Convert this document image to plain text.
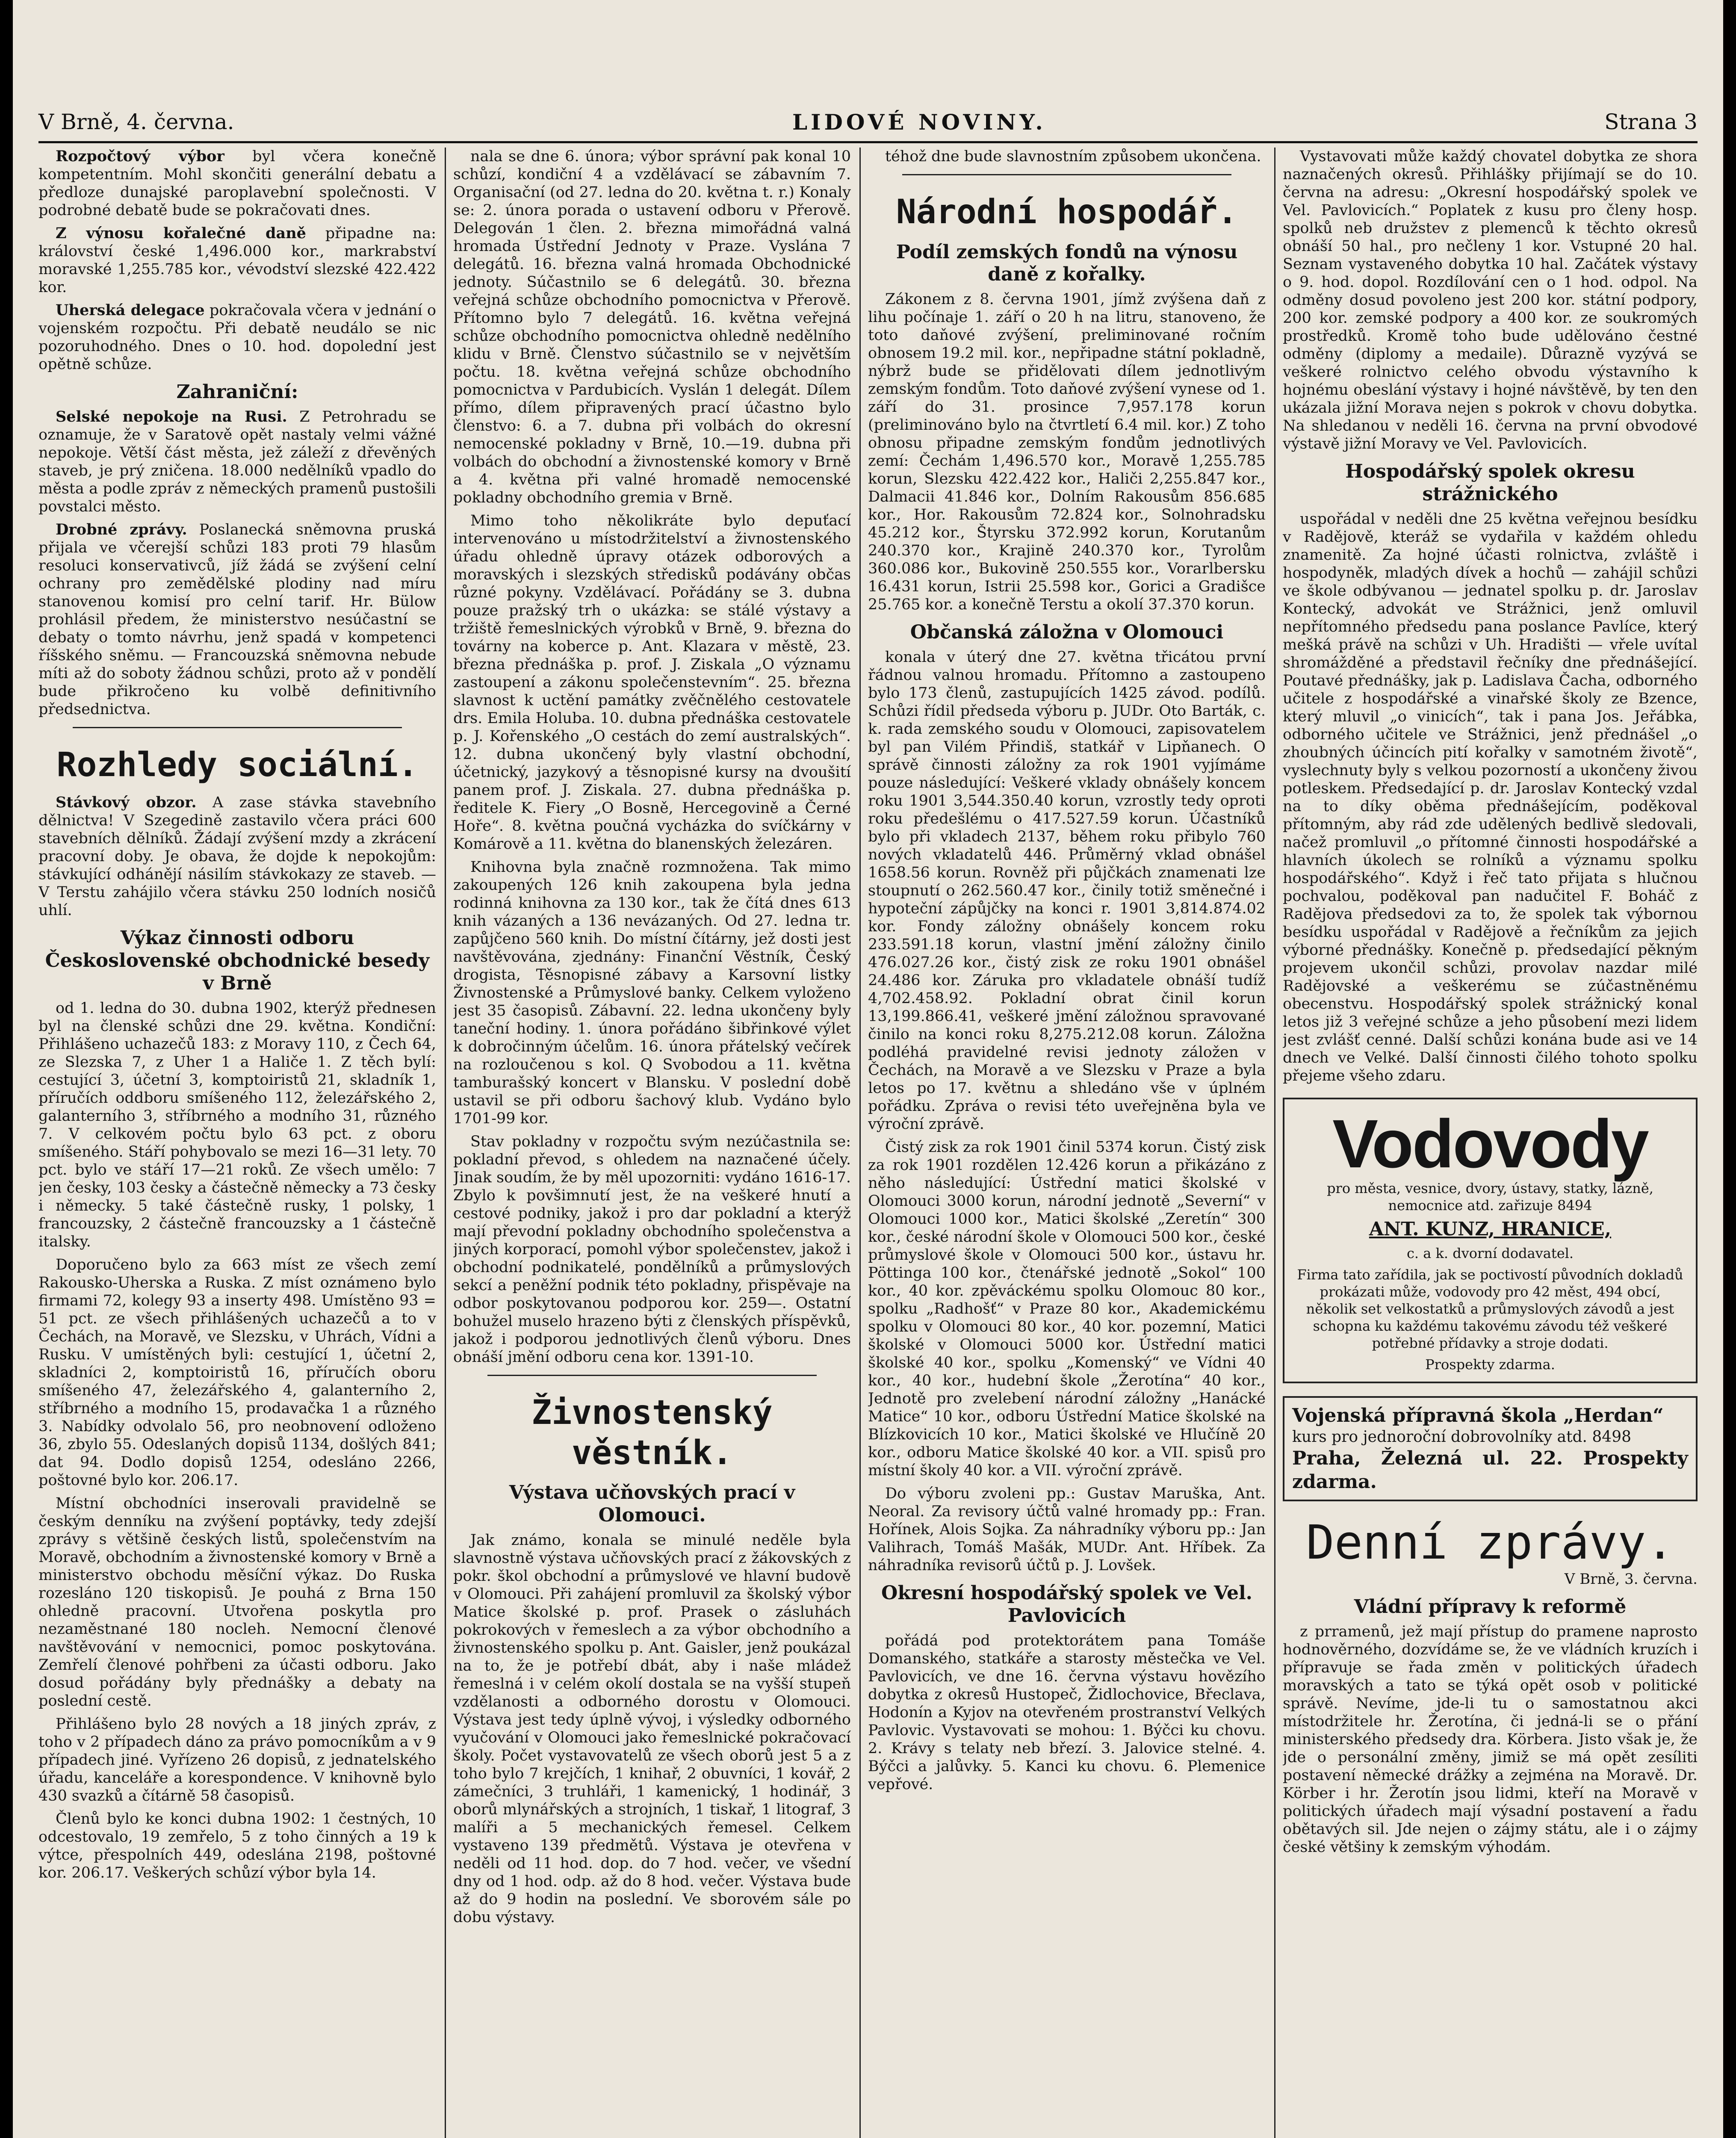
V Brně, 4. června.	LIDOVÉ NOVINY.	Strana 3

Rozpočtový výbor byl včera konečně kompetentním. Mohl skončiti generální debatu a předloze dunajské paroplavební společnosti. V podrobné debatě bude se pokračovati dnes.

Z výnosu kořalečné daně připadne na: království české 1,496.000 kor., markrabství moravské 1,255.785 kor., vévodství slezské 422.422 kor.

Uherská delegace pokračovala včera v jednání o vojenském rozpočtu. Při debatě neudálo se nic pozoruhodného. Dnes o 10. hod. dopolední jest opětně schůze.

Zahraniční:

Selské nepokoje na Rusi. Z Petrohradu se oznamuje, že v Saratově opět nastaly velmi vážné nepokoje. Větší část města, jež záleží z dřevěných staveb, je prý zničena. 18.000 nedělníků vpadlo do města a podle zpráv z německých pramenů pustošili povstalci město.

Drobné zprávy. Poslanecká sněmovna pruská přijala ve včerejší schůzi 183 proti 79 hlasům resoluci konservativců, jíž žádá se zvýšení celní ochrany pro zemědělské plodiny nad míru stanovenou komisí pro celní tarif. Hr. Bülow prohlásil předem, že ministerstvo nesúčastní se debaty o tomto návrhu, jenž spadá v kompetenci říšského sněmu. — Francouzská sněmovna nebude míti až do soboty žádnou schůzi, proto až v pondělí bude přikročeno ku volbě definitivního předsednictva.

Rozhledy sociální.

Stávkový obzor. A zase stávka stavebního dělnictva! V Szegedině zastavilo včera práci 600 stavebních dělníků. Žádají zvýšení mzdy a zkrácení pracovní doby. Je obava, že dojde k nepokojům: stávkující odhánějí násilím stávkokazy ze staveb. — V Terstu zahájilo včera stávku 250 lodních nosičů uhlí.

Výkaz činnosti odboru Československé obchodnické besedy v Brně

od 1. ledna do 30. dubna 1902, kterýž přednesen byl na členské schůzi dne 29. května. Kondiční: Přihlášeno uchazečů 183: z Moravy 110, z Čech 64, ze Slezska 7, z Uher 1 a Haliče 1. Z těch bylí: cestující 3, účetní 3, komptoiristů 21, skladník 1, příručích oddboru smíšeného 112, železářského 2, galanterního 3, stříbrného a modního 31, různého 7. V celkovém počtu bylo 63 pct. z oboru smíšeného. Stáří pohybovalo se mezi 16—31 lety. 70 pct. bylo ve stáří 17—21 roků. Ze všech umělo: 7 jen česky, 103 česky a částečně německy a 73 česky i německy. 5 také částečně rusky, 1 polsky, 1 francouzsky, 2 částečně francouzsky a 1 částečně italsky.

Doporučeno bylo za 663 míst ze všech zemí Rakousko-Uherska a Ruska. Z míst oznámeno bylo firmami 72, kolegy 93 a inserty 498. Umístěno 93 = 51 pct. ze všech přihlášených uchazečů a to v Čechách, na Moravě, ve Slezsku, v Uhrách, Vídni a Rusku. V umístěných byli: cestující 1, účetní 2, skladníci 2, komptoiristů 16, příručích oboru smíšeného 47, železářského 4, galanterního 2, stříbrného a modního 15, prodavačka 1 a různého 3. Nabídky odvolalo 56, pro neobnovení odloženo 36, zbylo 55. Odeslaných dopisů 1134, došlých 841; dat 94. Dodlo dopisů 1254, odesláno 2266, poštovné bylo kor. 206.17.

Místní obchodníci inserovali pravidelně se českým denníku na zvýšení poptávky, tedy zdejší zprávy s většině českých listů, společenstvím na Moravě, obchodním a živnostenské komory v Brně a ministerstvo obchodu měsíční výkaz. Do Ruska rozesláno 120 tiskopisů. Je pouhá z Brna 150 ohledně pracovní. Utvořena poskytla pro nezaměstnané 180 nocleh. Nemocní členové navštěvování v nemocnici, pomoc poskytována. Zemřelí členové pohřbeni za účasti odboru. Jako dosud pořádány byly přednášky a debaty na poslední cestě.

Přihlášeno bylo 28 nových a 18 jiných zpráv, z toho v 2 případech dáno za právo pomocníkům a v 9 případech jiné. Vyřízeno 26 dopisů, z jednatelského úřadu, kanceláře a korespondence. V knihovně bylo 430 svazků a čítárně 58 časopisů.

Členů bylo ke konci dubna 1902: 1 čestných, 10 odcestovalo, 19 zemřelo, 5 z toho činných a 19 k výtce, přespolních 449, odeslána 2198, poštovné kor. 206.17. Veškerých schůzí výbor byla 14.

nala se dne 6. února; výbor správní pak konal 10 schůzí, kondiční 4 a vzdělávací se zábavním 7. Organisační (od 27. ledna do 20. května t. r.) Konaly se: 2. února porada o ustavení odboru v Přerově. Delegován 1 člen. 2. března mimořádná valná hromada Ústřední Jednoty v Praze. Vyslána 7 delegátů. 16. března valná hromada Obchodnické jednoty. Súčastnilo se 6 delegátů. 30. března veřejná schůze obchodního pomocnictva v Přerově. Přítomno bylo 7 delegátů. 16. května veřejná schůze obchodního pomocnictva ohledně nedělního klidu v Brně. Členstvo súčastnilo se v největším počtu. 18. května veřejná schůze obchodního pomocnictva v Pardubicích. Vyslán 1 delegát. Dílem přímo, dílem připravených prací účastno bylo členstvo: 6. a 7. dubna při volbách do okresní nemocenské pokladny v Brně, 10.—19. dubna při volbách do obchodní a živnostenské komory v Brně a 4. května při valné hromadě nemocenské pokladny obchodního gremia v Brně.

Mimo toho několikráte bylo depuťací intervenováno u místodržitelství a živnostenského úřadu ohledně úpravy otázek odborových a moravských i slezských středisků podávány občas různé pokyny. Vzdělávací. Pořádány se 3. dubna pouze pražský trh o ukázka: se stálé výstavy a tržiště řemeslnických výrobků v Brně, 9. března do továrny na koberce p. Ant. Klazara v městě, 23. března přednáška p. prof. J. Ziskala „O významu zastoupení a zákonu společenstevním“. 25. března slavnost k uctění památky zvěčnělého cestovatele drs. Emila Holuba. 10. dubna přednáška cestovatele p. J. Kořenského „O cestách do zemí australských“. 12. dubna ukončený byly vlastní obchodní, účetnický, jazykový a těsnopisné kursy na dvoušití panem prof. J. Ziskala. 27. dubna přednáška p. ředitele K. Fiery „O Bosně, Hercegovině a Černé Hoře“. 8. května poučná vycházka do svíčkárny v Komárově a 11. května do blanenských železáren.

Knihovna byla značně rozmnožena. Tak mimo zakoupených 126 knih zakoupena byla jedna rodinná knihovna za 130 kor., tak že čítá dnes 613 knih vázaných a 136 nevázaných. Od 27. ledna tr. zapůjčeno 560 knih. Do místní čítárny, jež dosti jest navštěvována, zjednány: Finanční Věstník, Český drogista, Těsnopisné zábavy a Karsovní listky Živnostenské a Průmyslové banky. Celkem vyloženo jest 35 časopisů. Zábavní. 22. ledna ukončeny byly taneční hodiny. 1. února pořádáno šibřinkové výlet k dobročinným účelům. 16. února přátelský večírek na rozloučenou s kol. Q Svobodou a 11. května tamburašský koncert v Blansku. V poslední době ustavil se při odboru šachový klub. Vydáno bylo 1701-99 kor.

Stav pokladny v rozpočtu svým nezúčastnila se: pokladní převod, s ohledem na naznačené účely. Jinak soudím, že by měl upozorniti: vydáno 1616-17. Zbylo k povšimnutí jest, že na veškeré hnutí a cestové podniky, jakož i pro dar pokladní a kterýž mají převodní pokladny obchodního společenstva a jiných korporací, pomohl výbor společenstev, jakož i obchodní podnikatelé, pondělníků a průmyslových sekcí a peněžní podnik této pokladny, přispěvaje na odbor poskytovanou podporou kor. 259—. Ostatní bohužel muselo hrazeno býti z členských příspěvků, jakož i podporou jednotlivých členů výboru. Dnes obnáší jmění odboru cena kor. 1391-10.

Živnostenský věstník.
Výstava učňovských prací v Olomouci.

Jak známo, konala se minulé neděle byla slavnostně výstava učňovských prací z žákovských z pokr. škol obchodní a průmyslové ve hlavní budově v Olomouci. Při zahájení promluvil za školský výbor Matice školské p. prof. Prasek o zásluhách pokrokových v řemeslech a za výbor obchodního a živnostenského spolku p. Ant. Gaisler, jenž poukázal na to, že je potřebí dbát, aby i naše mládež řemeslná i v celém okolí dostala se na vyšší stupeň vzdělanosti a odborného dorostu v Olomouci. Výstava jest tedy úplně vývoj, i výsledky odborného vyučování v Olomouci jako řemeslnické pokračovací školy. Počet vystavovatelů ze všech oborů jest 5 a z toho bylo 7 krejčích, 1 knihař, 2 obuvníci, 1 kovář, 2 zámečníci, 3 truhláři, 1 kamenický, 1 hodinář, 3 oborů mlynářských a strojních, 1 tiskař, 1 litograf, 3 malíři a 5 mechanických řemesel. Celkem vystaveno 139 předmětů. Výstava je otevřena v neděli od 11 hod. dop. do 7 hod. večer, ve všední dny od 1 hod. odp. až do 8 hod. večer. Výstava bude až do 9 hodin na poslední. Ve sborovém sále po dobu výstavy.

téhož dne bude slavnostním způsobem ukončena.

Národní hospodář.
Podíl zemských fondů na výnosu daně z kořalky.

Zákonem z 8. června 1901, jímž zvýšena daň z lihu počínaje 1. září o 20 h na litru, stanoveno, že toto daňové zvýšení, preliminované ročním obnosem 19.2 mil. kor., nepřipadne státní pokladně, nýbrž bude se přidělovati dílem jednotlivým zemským fondům. Toto daňové zvýšení vynese od 1. září do 31. prosince 7,957.178 korun (preliminováno bylo na čtvrtletí 6.4 mil. kor.) Z toho obnosu připadne zemským fondům jednotlivých zemí: Čechám 1,496.570 kor., Moravě 1,255.785 korun, Slezsku 422.422 kor., Haliči 2,255.847 kor., Dalmacii 41.846 kor., Dolním Rakousům 856.685 kor., Hor. Rakousům 72.824 kor., Solnohradsku 45.212 kor., Štyrsku 372.992 korun, Korutanům 240.370 kor., Krajině 240.370 kor., Tyrolům 360.086 kor., Bukovině 250.555 kor., Vorarlbersku 16.431 korun, Istrii 25.598 kor., Gorici a Gradišce 25.765 kor. a konečně Terstu a okolí 37.370 korun.

Občanská záložna v Olomouci

konala v úterý dne 27. května třicátou první řádnou valnou hromadu. Přítomno a zastoupeno bylo 173 členů, zastupujících 1425 závod. podílů. Schůzi řídil předseda výboru p. JUDr. Oto Barták, c. k. rada zemského soudu v Olomouci, zapisovatelem byl pan Vilém Přindiš, statkář v Lipňanech. O správě činnosti záložny za rok 1901 vyjímáme pouze následující: Veškeré vklady obnášely koncem roku 1901 3,544.350.40 korun, vzrostly tedy oproti roku předešlému o 417.527.59 korun. Účastníků bylo při vkladech 2137, během roku přibylo 760 nových vkladatelů 446. Průměrný vklad obnášel 1658.56 korun. Rovněž při půjčkách znamenati lze stoupnutí o 262.560.47 kor., činily totiž směnečné i hypoteční zápůjčky na konci r. 1901 3,814.874.02 kor. Fondy záložny obnášely koncem roku 233.591.18 korun, vlastní jmění záložny činilo 476.027.26 kor., čistý zisk ze roku 1901 obnášel 24.486 kor. Záruka pro vkladatele obnáší tudíž 4,702.458.92. Pokladní obrat činil korun 13,199.866.41, veškeré jmění záložnou spravované činilo na konci roku 8,275.212.08 korun. Záložna podléhá pravidelné revisi jednoty záložen v Čechách, na Moravě a ve Slezsku v Praze a byla letos po 17. květnu a shledáno vše v úplném pořádku. Zpráva o revisi této uveřejněna byla ve výroční zprávě.

Čistý zisk za rok 1901 činil 5374 korun. Čistý zisk za rok 1901 rozdělen 12.426 korun a přikázáno z něho následující: Ústřední matici školské v Olomouci 3000 korun, národní jednotě „Severní“ v Olomouci 1000 kor., Matici školské „Zeretín“ 300 kor., české národní škole v Olomouci 500 kor., české průmyslové škole v Olomouci 500 kor., ústavu hr. Pöttinga 100 kor., čtenářské jednotě „Sokol“ 100 kor., 40 kor. zpěváckému spolku Olomouc 80 kor., spolku „Radhošť“ v Praze 80 kor., Akademickému spolku v Olomouci 80 kor., 40 kor. pozemní, Matici školské v Olomouci 5000 kor. Ústřední matici školské 40 kor., spolku „Komenský“ ve Vídni 40 kor., 40 kor., hudební škole „Žerotína“ 40 kor., Jednotě pro zvelebení národní záložny „Hanácké Matice“ 10 kor., odboru Ústřední Matice školské na Blízkovicích 10 kor., Matici školské ve Hlučíně 20 kor., odboru Matice školské 40 kor. a VII. spisů pro místní školy 40 kor. a VII. výroční zprávě.

Do výboru zvoleni pp.: Gustav Maruška, Ant. Neoral. Za revisory účtů valné hromady pp.: Fran. Hořínek, Alois Sojka. Za náhradníky výboru pp.: Jan Valihrach, Tomáš Mašák, MUDr. Ant. Hříbek. Za náhradníka revisorů účtů p. J. Lovšek.

Okresní hospodářský spolek ve Vel. Pavlovicích

pořádá pod protektorátem pana Tomáše Domanského, statkáře a starosty městečka ve Vel. Pavlovicích, ve dne 16. června výstavu hovězího dobytka z okresů Hustopeč, Židlochovice, Břeclava, Hodonín a Kyjov na otevřeném prostranství Velkých Pavlovic. Vystavovati se mohou: 1. Býčci ku chovu. 2. Krávy s telaty neb březí. 3. Jalovice stelné. 4. Býčci a jalůvky. 5. Kanci ku chovu. 6. Plemenice vepřové.

Vystavovati může každý chovatel dobytka ze shora naznačených okresů. Přihlášky přijímají se do 10. června na adresu: „Okresní hospodářský spolek ve Vel. Pavlovicích.“ Poplatek z kusu pro členy hosp. spolků neb družstev z plemenců k těchto okresů obnáší 50 hal., pro nečleny 1 kor. Vstupné 20 hal. Seznam vystaveného dobytka 10 hal. Začátek výstavy o 9. hod. dopol. Rozdílování cen o 1 hod. odpol. Na odměny dosud povoleno jest 200 kor. státní podpory, 200 kor. zemské podpory a 400 kor. ze soukromých prostředků. Kromě toho bude udělováno čestné odměny (diplomy a medaile). Důrazně vyzývá se veškeré rolnictvo celého obvodu výstavního k hojnému obeslání výstavy i hojné návštěvě, by ten den ukázala jižní Morava nejen s pokrok v chovu dobytka. Na shledanou v neděli 16. června na první obvodové výstavě jižní Moravy ve Vel. Pavlovicích.

Hospodářský spolek okresu strážnického

uspořádal v neděli dne 25 května veřejnou besídku v Radějově, kteráž se vydařila v každém ohledu znamenitě. Za hojné účasti rolnictva, zvláště i hospodyněk, mladých dívek a hochů — zahájil schůzi ve škole odbývanou — jednatel spolku p. dr. Jaroslav Kontecký, advokát ve Strážnici, jenž omluvil nepřítomného předsedu pana poslance Pavlíce, který mešká právě na schůzi v Uh. Hradišti — vřele uvítal shromážděné a představil řečníky dne přednášející. Poutavé přednášky, jak p. Ladislava Čacha, odborného učitele z hospodářské a vinařské školy ze Bzence, který mluvil „o vinicích“, tak i pana Jos. Jeřábka, odborného učitele ve Strážnici, jenž přednášel „o zhoubných účincích pití kořalky v samotném životě“, vyslechnuty byly s velkou pozorností a ukončeny živou potleskem. Předsedající p. dr. Jaroslav Kontecký vzdal na to díky oběma přednášejícím, poděkoval přítomným, aby rád zde udělených bedlivě sledovali, načež promluvil „o přítomné činnosti hospodářské a hlavních úkolech se rolníků a významu spolku hospodářského“. Když i řeč tato přijata s hlučnou pochvalou, poděkoval pan nadučitel F. Boháč z Radějova předsedovi za to, že spolek tak výbornou besídku uspořádal v Radějově a řečníkům za jejich výborné přednášky. Konečně p. předsedající pěkným projevem ukončil schůzi, provolav nazdar milé Radějovské a veškerému se zúčastněnému obecenstvu. Hospodářský spolek strážnický konal letos již 3 veřejné schůze a jeho působení mezi lidem jest zvlášť cenné. Další schůzi konána bude asi ve 14 dnech ve Velké. Další činnosti čilého tohoto spolku přejeme všeho zdaru.

Vodovody
pro města, vesnice, dvory, ústavy, statky, lázně, nemocnice atd. zařizuje 8494
ANT. KUNZ, HRANICE,
c. a k. dvorní dodavatel.
Firma tato zařídila, jak se poctivostí původních dokladů prokázati může, vodovody pro 42 měst, 494 obcí, několik set velkostatků a průmyslových závodů a jest schopna ku každému takovému závodu též veškeré potřebné přídavky a stroje dodati.
Prospekty zdarma.
Vojenská přípravná škola „Herdan“
kurs pro jednoroční dobrovolníky atd. 8498
Praha, Železná ul. 22. Prospekty zdarma.
Denní zprávy.
V Brně, 3. června.
Vládní přípravy k reformě

z prramenů, jež mají přístup do pramene naprosto hodnověrného, dozvídáme se, že ve vládních kruzích i přípravuje se řada změn v politických úřadech moravských a tato se týká opět osob v politické správě. Nevíme, jde-li tu o samostatnou akci místodržitele hr. Žerotína, či jedná-li se o přání ministerského předsedy dra. Körbera. Jisto však je, že jde o personální změny, jimiž se má opět zesíliti postavení německé drážky a zejména na Moravě. Dr. Körber i hr. Žerotín jsou lidmi, kteří na Moravě v politických úřadech mají výsadní postavení a řadu obětavých sil. Jde nejen o zájmy státu, ale i o zájmy české většiny k zemským výhodám.
